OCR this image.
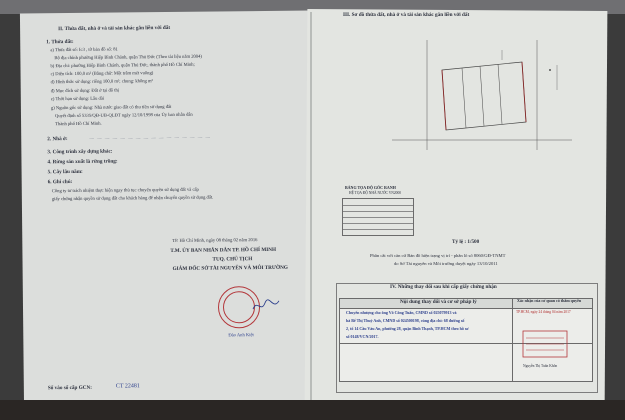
II. Thửa đất, nhà ở và tài sản khác gắn liền với đất
1. Thửa đất:
a) Thửa đất số: Ic3 , tờ bản đồ số: 81
Bộ địa chính phường Hiệp Bình Chánh, quận Thủ Đức (Theo tài liệu năm 2004)
b) Địa chỉ: phường Hiệp Bình Chánh, quận Thủ Đức, thành phố Hồ Chí Minh;
c) Diện tích: 100,0 m² (Bằng chữ: Một trăm mét vuông)
d) Hình thức sử dụng: riêng 100,0 m²; chung: không m²
đ) Mục đích sử dụng: Đất ở tại đô thị
e) Thời hạn sử dụng: Lâu dài
g) Nguồn gốc sử dụng: Nhà nước giao đất có thu tiền sử dụng đất
Quyết định số 5335/QĐ-UB-QLĐT ngày 12/10/1998 của Ủy ban nhân dân
Thành phố Hồ Chí Minh.
2. Nhà ở:	— — — — — — — — — — — — — — — —
3. Công trình xây dựng khác:
4. Rừng sản xuất là rừng trồng:
5. Cây lâu năm:
6. Ghi chú:
Công ty tư trách nhiệm thực hiện ngay thủ tục chuyển quyền sử dụng đất và cấp
giấy chứng nhận quyền sử dụng đất cho khách hàng để nhận chuyển quyền sử dụng đất.
TP. Hồ Chí Minh, ngày 08 tháng 02 năm 2016
T.M. ỦY BAN NHÂN DÂN TP. HỒ CHÍ MINH
TUQ. CHỦ TỊCH
GIÁM ĐỐC SỞ TÀI NGUYÊN VÀ MÔI TRƯỜNG
Đào Anh Kiệt
Số vào sổ cấp GCN:	CT 22481
III. Sơ đồ thửa đất, nhà ở và tài sản khác gắn liền với đất
BẢNG TỌA ĐỘ GÓC RANH
HỆ TỌA ĐỘ NHÀ NƯỚC VN2000
Tỷ lệ : 1/500
Phần cắt với căn cứ Bản đồ hiện trạng vị trí - phân lô số 8060/GĐ-TNMT
do Sở Tài nguyên và Môi trường duyệt ngày 13/10/2011
IV. Những thay đổi sau khi cấp giấy chứng nhận
Nội dung thay đổi và cơ sở pháp lý	Xác nhận của cơ quan có thẩm quyền
Chuyển nhượng cho ông Võ Công Tuấn, CMND số 025079913 và
bà Bế Thị Thuỳ Anh, CMND số 024500198, cùng địa chỉ: 68 đường số
2, tổ 14 Cầu Vàu An, phường 28, quận Bình Thạnh, TP.HCM theo hồ sơ
số 0148/VCN/2017.
TP.HCM, ngày 24 tháng 04 năm 2017
Nguyễn Thị Tuấn Khôn
